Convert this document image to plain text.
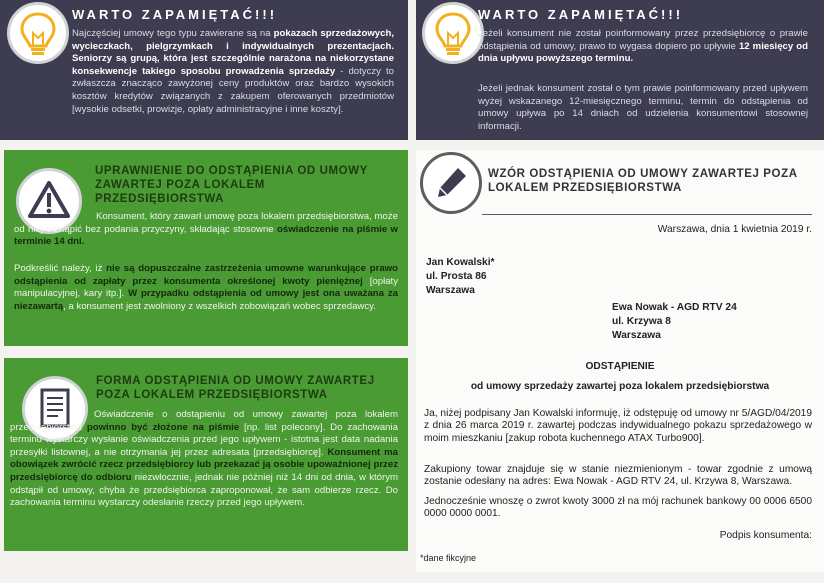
WARTO ZAPAMIĘTAĆ!!!
Najczęściej umowy tego typu zawierane są na pokazach sprzedażowych, wycieczkach, pielgrzymkach i indywidualnych prezentacjach. Seniorzy są grupą, która jest szczególnie narażona na niekorzystane konsekwencje takiego sposobu prowadzenia sprzedaży - dotyczy to zwłaszcza znacząco zawyżonej ceny produktów oraz bardzo wysokich kosztów kredytów związanych z zakupem oferowanych przedmiotów [wysokie odsetki, prowizje, opłaty administracyjne i inne koszty].
WARTO ZAPAMIĘTAĆ!!!
Jeżeli konsument nie został poinformowany przez przedsiębiorcę o prawie odstąpienia od umowy, prawo to wygasa dopiero po upływie 12 miesięcy od dnia upływu powyższego terminu.
Jeżeli jednak konsument został o tym prawie poinformowany przed upływem wyżej wskazanego 12-miesięcznego terminu, termin do odstąpienia od umowy upływa po 14 dniach od udzielenia konsumentowi stosownej informacji.
UPRAWNIENIE DO ODSTĄPIENIA OD UMOWY ZAWARTEJ POZA LOKALEM PRZEDSIĘBIORSTWA
Konsument, który zawarł umowę poza lokalem przedsiębiorstwa, może od niej odstąpić bez podania przyczyny, składając stosowne oświadczenie na piśmie w terminie 14 dni.
Podkreślić należy, iż nie są dopuszczalne zastrzeżenia umowne warunkujące prawo odstąpienia od zapłaty przez konsumenta określonej kwoty pieniężnej [opłaty manipulacyjnej, kary itp.]. W przypadku odstąpienia od umowy jest ona uważana za niezawartą, a konsument jest zwolniony z wszelkich zobowiązań wobec sprzedawcy.
FORMA ODSTĄPIENIA OD UMOWY ZAWARTEJ POZA LOKALEM PRZEDSIĘBIORSTWA
Oświadczenie o odstąpieniu od umowy zawartej poza lokalem przedsiębiorstwa powinno być złożone na piśmie [np. list polecony]. Do zachowania terminu wystarczy wysłanie oświadczenia przed jego upływem - istotna jest data nadania przesyłki listownej, a nie otrzymania jej przez adresata [przedsiębiorcę]. Konsument ma obowiązek zwrócić rzecz przedsiębiorcy lub przekazać ją osobie upoważnionej przez przedsiębiorcę do odbioru niezwłocznie, jednak nie później niż 14 dni od dnia, w którym odstąpił od umowy, chyba że przedsiębiorca zaproponował, że sam odbierze rzecz. Do zachowania terminu wystarczy odesłanie rzeczy przed jego upływem.
WZÓR ODSTĄPIENIA OD UMOWY ZAWARTEJ POZA LOKALEM PRZEDSIĘBIORSTWA
Warszawa, dnia 1 kwietnia 2019 r.
Jan Kowalski*
ul. Prosta 86
Warszawa
Ewa Nowak - AGD RTV 24
ul. Krzywa 8
Warszawa
ODSTĄPIENIE
od umowy sprzedaży zawartej poza lokalem przedsiębiorstwa
Ja, niżej podpisany Jan Kowalski informuję, iż odstępuję od umowy nr 5/AGD/04/2019 z dnia 26 marca 2019 r. zawartej podczas indywidualnego pokazu sprzedażowego w moim mieszkaniu [zakup robota kuchennego ATAX Turbo900].
Zakupiony towar znajduje się w stanie niezmienionym - towar zgodnie z umową zostanie odesłany na adres: Ewa Nowak - AGD RTV 24, ul. Krzywa 8, Warszawa.
Jednocześnie wnoszę o zwrot kwoty 3000 zł na mój rachunek bankowy 00 0006 6500 0000 0000 0001.
Podpis konsumenta:
*dane fikcyjne
